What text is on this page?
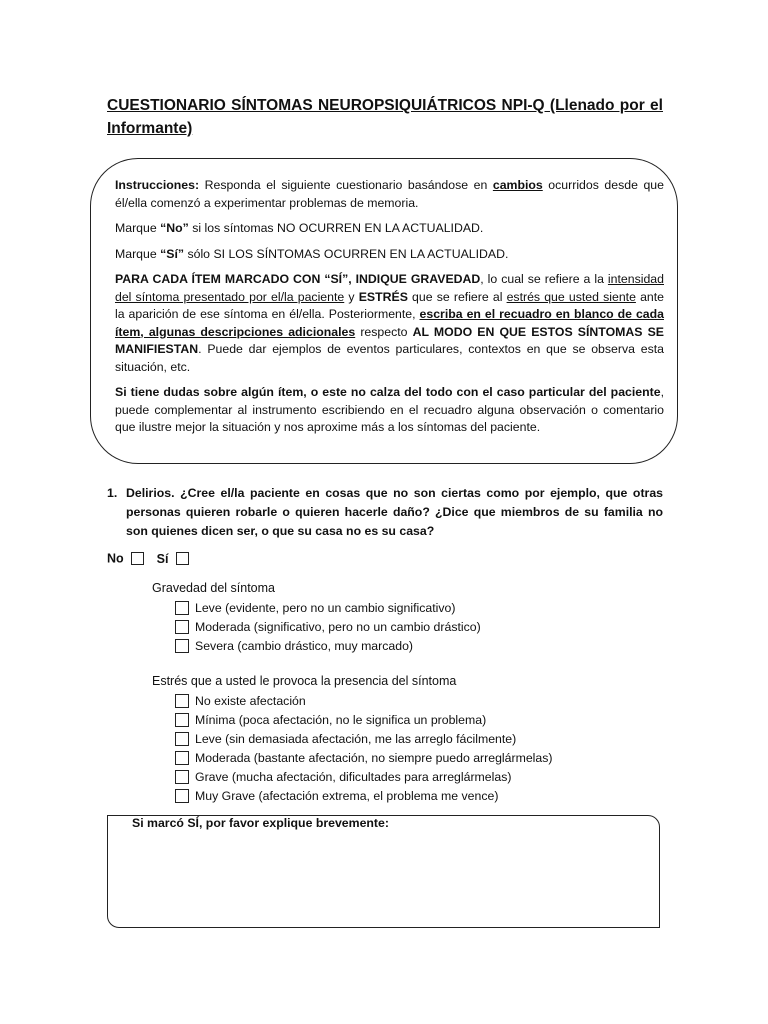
CUESTIONARIO SÍNTOMAS NEUROPSIQUIÁTRICOS NPI-Q (Llenado por el Informante)

Instrucciones: Responda el siguiente cuestionario basándose en cambios ocurridos desde que él/ella comenzó a experimentar problemas de memoria.

Marque “No” si los síntomas NO OCURREN EN LA ACTUALIDAD.

Marque “Sí” sólo SI LOS SÍNTOMAS OCURREN EN LA ACTUALIDAD.

PARA CADA ÍTEM MARCADO CON “SÍ”, INDIQUE GRAVEDAD, lo cual se refiere a la intensidad del síntoma presentado por el/la paciente y ESTRÉS que se refiere al estrés que usted siente ante la aparición de ese síntoma en él/ella. Posteriormente, escriba en el recuadro en blanco de cada ítem, algunas descripciones adicionales respecto AL MODO EN QUE ESTOS SÍNTOMAS SE MANIFIESTAN. Puede dar ejemplos de eventos particulares, contextos en que se observa esta situación, etc.

Si tiene dudas sobre algún ítem, o este no calza del todo con el caso particular del paciente, puede complementar al instrumento escribiendo en el recuadro alguna observación o comentario que ilustre mejor la situación y nos aproxime más a los síntomas del paciente.

1. Delirios. ¿Cree el/la paciente en cosas que no son ciertas como por ejemplo, que otras personas quieren robarle o quieren hacerle daño? ¿Dice que miembros de su familia no son quienes dicen ser, o que su casa no es su casa?
No	Sí
Gravedad del síntoma
Leve (evidente, pero no un cambio significativo)
Moderada (significativo, pero no un cambio drástico)
Severa (cambio drástico, muy marcado)
Estrés que a usted le provoca la presencia del síntoma
No existe afectación
Mínima (poca afectación, no le significa un problema)
Leve (sin demasiada afectación, me las arreglo fácilmente)
Moderada (bastante afectación, no siempre puedo arreglármelas)
Grave (mucha afectación, dificultades para arreglármelas)
Muy Grave (afectación extrema, el problema me vence)
Si marcó SÍ, por favor explique brevemente:
